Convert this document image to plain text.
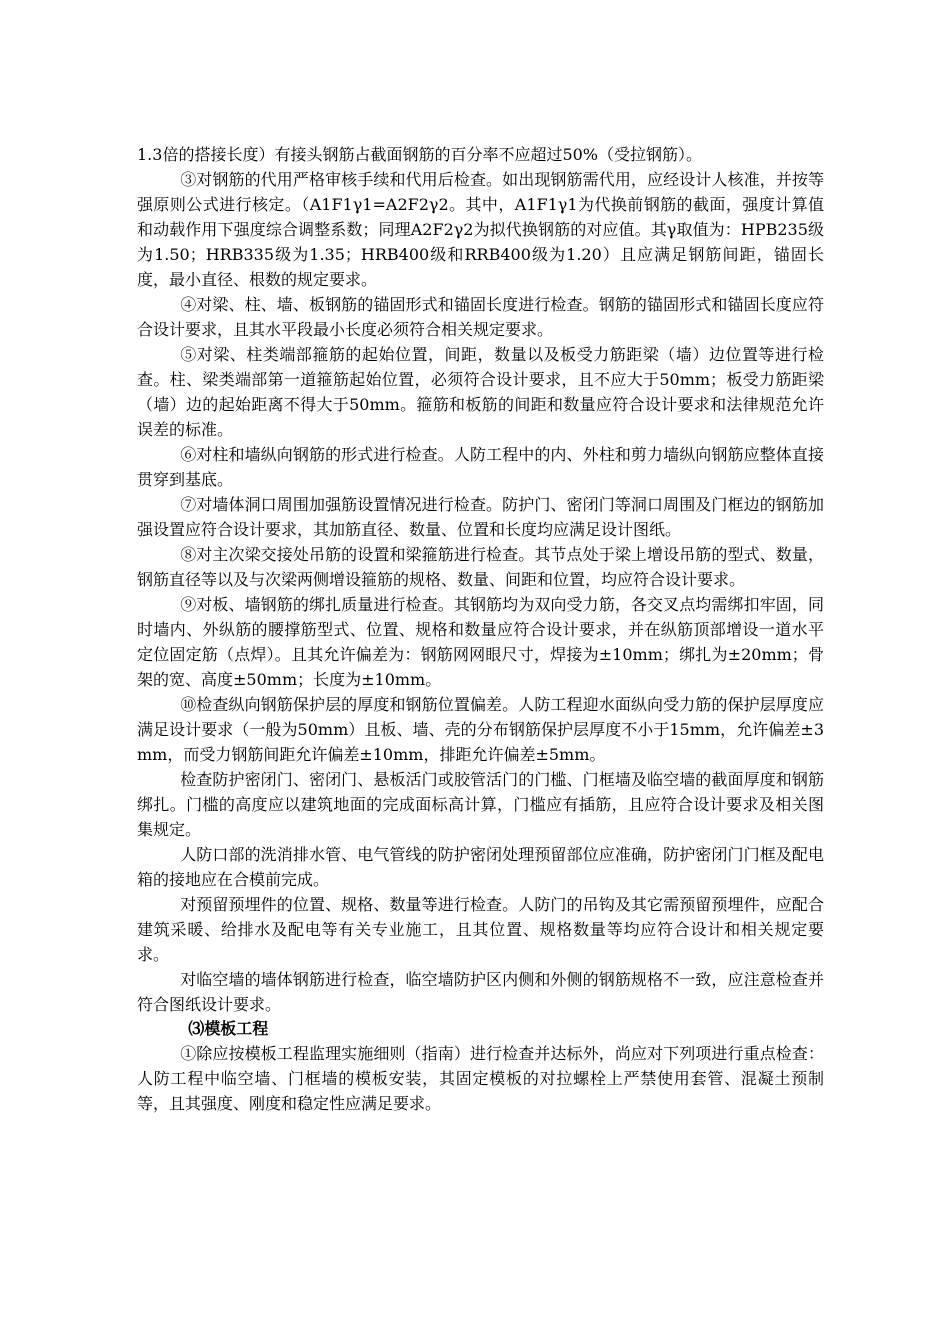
1.3倍的搭接长度）有接头钢筋占截面钢筋的百分率不应超过50%（受拉钢筋）。

③对钢筋的代用严格审核手续和代用后检查。如出现钢筋需代用，应经设计人核准，并按等强原则公式进行核定。（A1F1γ1=A2F2γ2。其中，A1F1γ1为代换前钢筋的截面，强度计算值和动载作用下强度综合调整系数；同理A2F2γ2为拟代换钢筋的对应值。其γ取值为：HPB235级为1.50；HRB335级为1.35；HRB400级和RRB400级为1.20）且应满足钢筋间距，锚固长度，最小直径、根数的规定要求。

④对梁、柱、墙、板钢筋的锚固形式和锚固长度进行检查。钢筋的锚固形式和锚固长度应符合设计要求，且其水平段最小长度必须符合相关规定要求。

⑤对梁、柱类端部箍筋的起始位置，间距，数量以及板受力筋距梁（墙）边位置等进行检查。柱、梁类端部第一道箍筋起始位置，必须符合设计要求，且不应大于50mm；板受力筋距梁（墙）边的起始距离不得大于50mm。箍筋和板筋的间距和数量应符合设计要求和法律规范允许误差的标准。

⑥对柱和墙纵向钢筋的形式进行检查。人防工程中的内、外柱和剪力墙纵向钢筋应整体直接贯穿到基底。

⑦对墙体洞口周围加强筋设置情况进行检查。防护门、密闭门等洞口周围及门框边的钢筋加强设置应符合设计要求，其加筋直径、数量、位置和长度均应满足设计图纸。

⑧对主次梁交接处吊筋的设置和梁箍筋进行检查。其节点处于梁上增设吊筋的型式、数量，钢筋直径等以及与次梁两侧增设箍筋的规格、数量、间距和位置，均应符合设计要求。

⑨对板、墙钢筋的绑扎质量进行检查。其钢筋均为双向受力筋，各交叉点均需绑扣牢固，同时墙内、外纵筋的腰撑筋型式、位置、规格和数量应符合设计要求，并在纵筋顶部增设一道水平定位固定筋（点焊）。且其允许偏差为：钢筋网网眼尺寸，焊接为±10mm；绑扎为±20mm；骨架的宽、高度±50mm；长度为±10mm。

⑩检查纵向钢筋保护层的厚度和钢筋位置偏差。人防工程迎水面纵向受力筋的保护层厚度应满足设计要求（一般为50mm）且板、墙、壳的分布钢筋保护层厚度不小于15mm，允许偏差±3mm，而受力钢筋间距允许偏差±10mm，排距允许偏差±5mm。

检查防护密闭门、密闭门、悬板活门或胶管活门的门槛、门框墙及临空墙的截面厚度和钢筋绑扎。门槛的高度应以建筑地面的完成面标高计算，门槛应有插筋，且应符合设计要求及相关图集规定。

人防口部的洗消排水管、电气管线的防护密闭处理预留部位应准确，防护密闭门门框及配电箱的接地应在合模前完成。

对预留预埋件的位置、规格、数量等进行检查。人防门的吊钩及其它需预留预埋件，应配合建筑采暖、给排水及配电等有关专业施工，且其位置、规格数量等均应符合设计和相关规定要求。

对临空墙的墙体钢筋进行检查，临空墙防护区内侧和外侧的钢筋规格不一致，应注意检查并符合图纸设计要求。

⑶模板工程

①除应按模板工程监理实施细则（指南）进行检查并达标外，尚应对下列项进行重点检查：人防工程中临空墙、门框墙的模板安装，其固定模板的对拉螺栓上严禁使用套管、混凝土预制等，且其强度、刚度和稳定性应满足要求。
